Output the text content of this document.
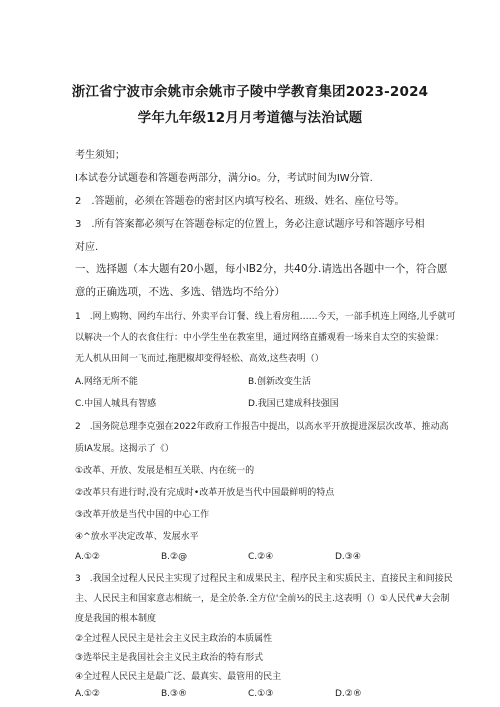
浙江省宁波市余姚市余姚市子陵中学教育集团2023-2024
学年九年级12月月考道德与法治试题
考生须知；
I本试卷分试题卷和答题卷两部分，满分io。分，考试时间为IW分管.
2　.答题前，必须在答题卷的密封区内填写校名、班级、姓名、座位号等。
3　.所有答案都必须写在答题卷标定的位置上，务必注意试题序号和答题序号相
对应.
一、选择题（本大题有20小题，每小lB2分，共40分.请选出各题中一个，符合愿
意的正确选项，不选、多选、错选均不给分）
1　.网上购物、网约车出行、外卖平台订餐、线上看房租……今天，一部手机连上网络,儿乎就可
以解决一个人的衣食住行：中小学生坐在教室里，通过网络直播观看一场来自太空的实验课：
无人机从田间一飞而过,拖肥椒却变得轻松、高效,这些表明（）
A.网络无所不能	B.创新改变生活
C.中国人城具有智感	D.我国已建成科技强国
2　.国务院总理李克强在2022年政府工作报告中提出，以高水平开放提进深层次改革、推动高
质IA发展。这揭示了《）
①改革、开放、发展是相互关联、内在统一的
②改革只有进行时,没有完成时•改革开放是当代中国最鲜明的特点
③改革开放是当代中国的中心工作
④^放水平决定改革、发展水平
A.①②	B.②@	C.②④	D.③④
3　.我国全过程人民民主实现了过程民主和成果民主、程序民主和实质民主、直接民主和间接民
主、人民民主和国家意志相統一，是全於条.全方位'全前½的民主.这表明（）①人民代#大会制
度是我国的根本制度
②全过程人民民主是社会主义民主政治的本质属性
③选举民主是我国社会主义民主政治的特有形式
④全过程人民民主是最广泛、最真实、最管用的民主
A.①②	B.③®	C.①③	D.②®
